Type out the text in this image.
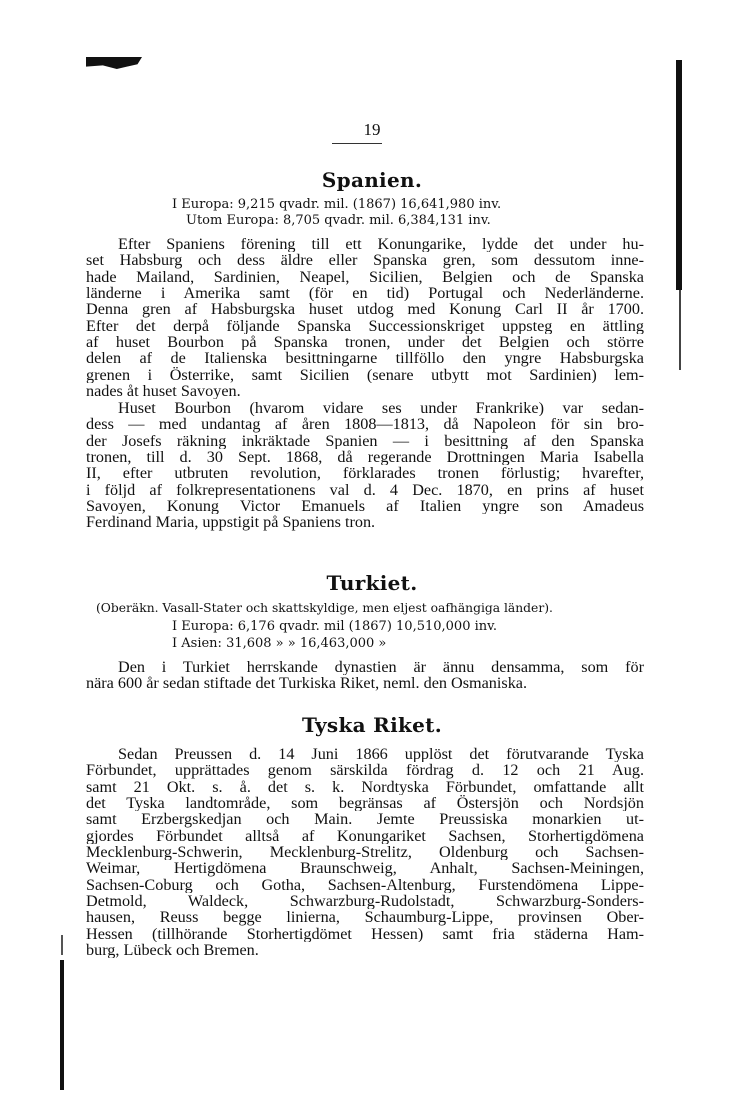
19
Spanien.
I Europa: 9,215 qvadr. mil. (1867) 16,641,980 inv.
Utom Europa: 8,705 qvadr. mil. 6,384,131 inv.
Efter Spaniens förening till ett Konungarike, lydde det under hu-
set Habsburg och dess äldre eller Spanska gren, som dessutom inne-
hade Mailand, Sardinien, Neapel, Sicilien, Belgien och de Spanska
länderne i Amerika samt (för en tid) Portugal och Nederländerne.
Denna gren af Habsburgska huset utdog med Konung Carl II år 1700.
Efter det derpå följande Spanska Successionskriget uppsteg en ättling
af huset Bourbon på Spanska tronen, under det Belgien och större
delen af de Italienska besittningarne tillföllo den yngre Habsburgska
grenen i Österrike, samt Sicilien (senare utbytt mot Sardinien) lem-
nades åt huset Savoyen.
Huset Bourbon (hvarom vidare ses under Frankrike) var sedan-
dess — med undantag af åren 1808—1813, då Napoleon för sin bro-
der Josefs räkning inkräktade Spanien — i besittning af den Spanska
tronen, till d. 30 Sept. 1868, då regerande Drottningen Maria Isabella
II, efter utbruten revolution, förklarades tronen förlustig; hvarefter,
i följd af folkrepresentationens val d. 4 Dec. 1870, en prins af huset
Savoyen, Konung Victor Emanuels af Italien yngre son Amadeus
Ferdinand Maria, uppstigit på Spaniens tron.
Turkiet.
(Oberäkn. Vasall-Stater och skattskyldige, men eljest oafhängiga länder).
I Europa: 6,176 qvadr. mil (1867) 10,510,000 inv.
I Asien: 31,608 » » 16,463,000 »
Den i Turkiet herrskande dynastien är ännu densamma, som för
nära 600 år sedan stiftade det Turkiska Riket, neml. den Osmaniska.
Tyska Riket.
Sedan Preussen d. 14 Juni 1866 upplöst det förutvarande Tyska
Förbundet, upprättades genom särskilda fördrag d. 12 och 21 Aug.
samt 21 Okt. s. å. det s. k. Nordtyska Förbundet, omfattande allt
det Tyska landtområde, som begränsas af Östersjön och Nordsjön
samt Erzbergskedjan och Main. Jemte Preussiska monarkien ut-
gjordes Förbundet alltså af Konungariket Sachsen, Storhertigdömena
Mecklenburg-Schwerin, Mecklenburg-Strelitz, Oldenburg och Sachsen-
Weimar, Hertigdömena Braunschweig, Anhalt, Sachsen-Meiningen,
Sachsen-Coburg och Gotha, Sachsen-Altenburg, Furstendömena Lippe-
Detmold, Waldeck, Schwarzburg-Rudolstadt, Schwarzburg-Sonders-
hausen, Reuss begge linierna, Schaumburg-Lippe, provinsen Ober-
Hessen (tillhörande Storhertigdömet Hessen) samt fria städerna Ham-
burg, Lübeck och Bremen.
